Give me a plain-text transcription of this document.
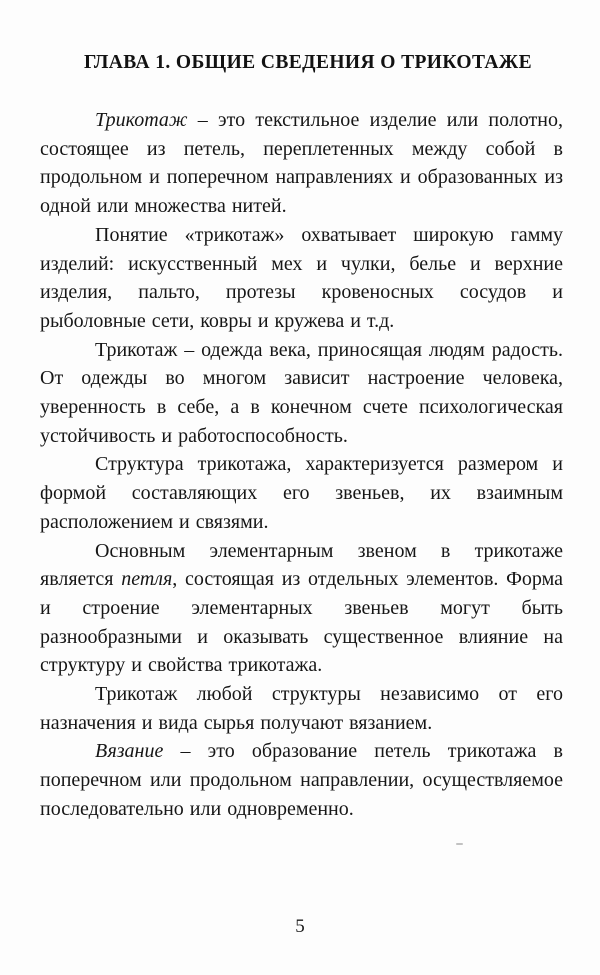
ГЛАВА 1. ОБЩИЕ СВЕДЕНИЯ О ТРИКОТАЖЕ

Трикотаж – это текстильное изделие или полотно, состоящее из петель, переплетенных между собой в продольном и поперечном направлениях и образованных из одной или множества нитей.

Понятие «трикотаж» охватывает широкую гамму изделий: искусственный мех и чулки, белье и верхние изделия, пальто, протезы кровеносных сосудов и рыболовные сети, ковры и кружева и т.д.

Трикотаж – одежда века, приносящая людям радость. От одежды во многом зависит настроение человека, уверенность в себе, а в конечном счете психологическая устойчивость и работоспособность.

Структура трикотажа, характеризуется размером и формой составляющих его звеньев, их взаимным расположением и связями.

Основным элементарным звеном в трикотаже является петля, состоящая из отдельных элементов. Форма и строение элементарных звеньев могут быть разнообразными и оказывать существенное влияние на структуру и свойства трикотажа.

Трикотаж любой структуры независимо от его назначения и вида сырья получают вязанием.

Вязание – это образование петель трикотажа в поперечном или продольном направлении, осуществляемое последовательно или одновременно.

5
